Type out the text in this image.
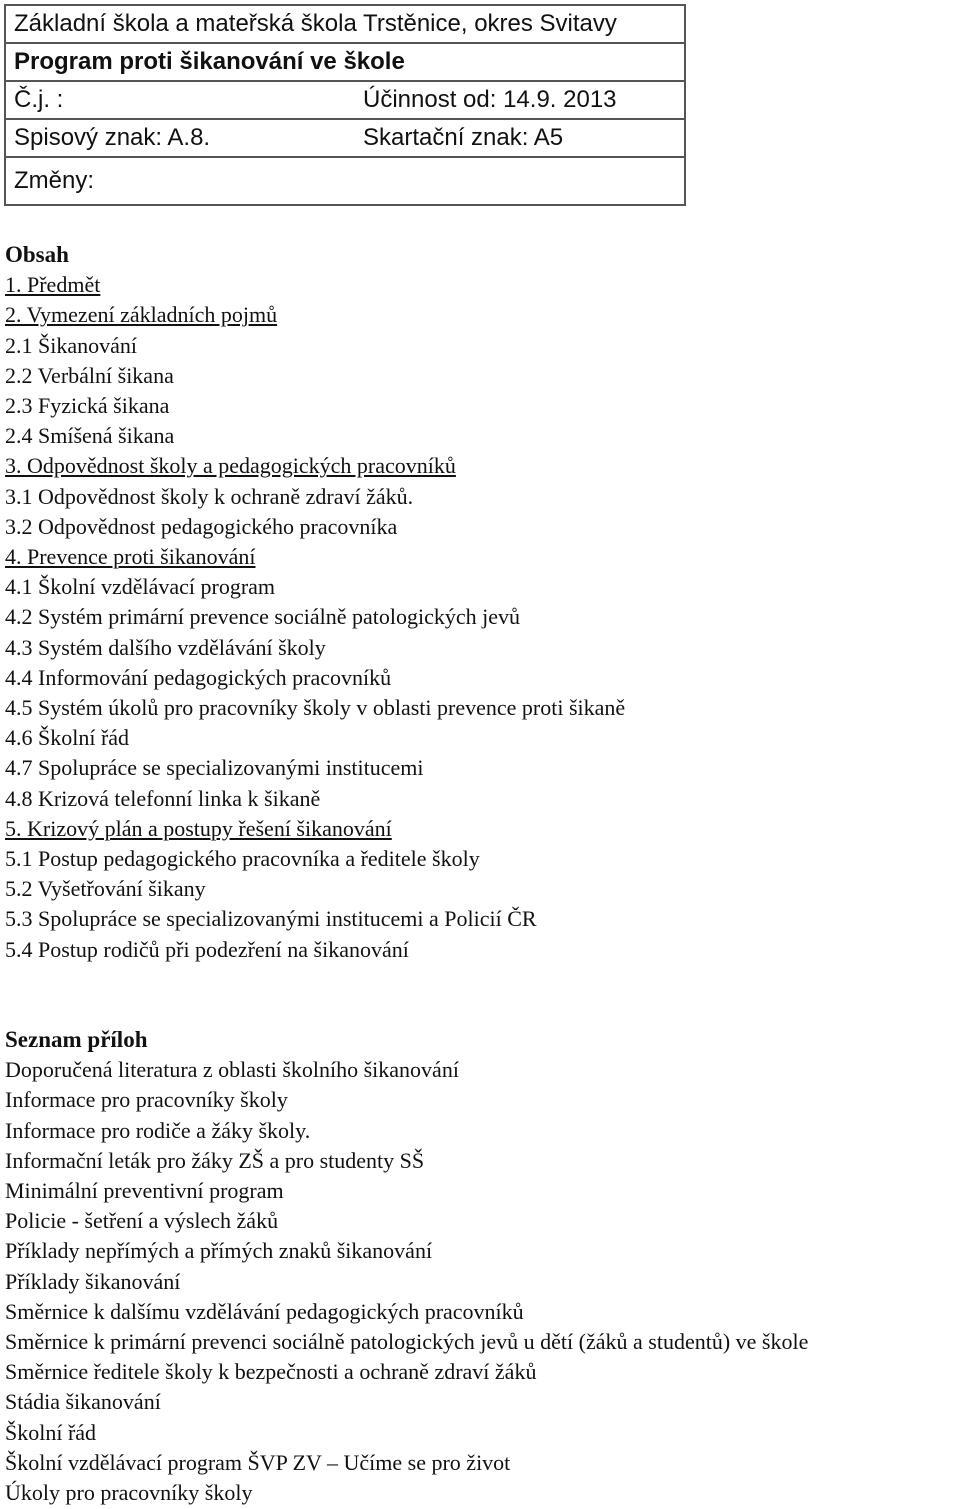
Základní škola a mateřská škola Trstěnice, okres Svitavy	
Program proti šikanování ve škole	
Č.j. :	Účinnost od: 14.9. 2013
Spisový znak: A.8.	Skartační znak: A5
Změny:	
Obsah
1. Předmět
2. Vymezení základních pojmů
2.1 Šikanování
2.2 Verbální šikana
2.3 Fyzická šikana
2.4 Smíšená šikana
3. Odpovědnost školy a pedagogických pracovníků
3.1 Odpovědnost školy k ochraně zdraví žáků.
3.2 Odpovědnost pedagogického pracovníka
4. Prevence proti šikanování
4.1 Školní vzdělávací program
4.2 Systém primární prevence sociálně patologických jevů
4.3 Systém dalšího vzdělávání školy
4.4 Informování pedagogických pracovníků
4.5 Systém úkolů pro pracovníky školy v oblasti prevence proti šikaně
4.6 Školní řád
4.7 Spolupráce se specializovanými institucemi
4.8 Krizová telefonní linka k šikaně
5. Krizový plán a postupy řešení šikanování
5.1 Postup pedagogického pracovníka a ředitele školy
5.2 Vyšetřování šikany
5.3 Spolupráce se specializovanými institucemi a Policií ČR
5.4 Postup rodičů při podezření na šikanování
Seznam příloh
Doporučená literatura z oblasti školního šikanování
Informace pro pracovníky školy
Informace pro rodiče a žáky školy.
Informační leták pro žáky ZŠ a pro studenty SŠ
Minimální preventivní program
Policie - šetření a výslech žáků
Příklady nepřímých a přímých znaků šikanování
Příklady šikanování
Směrnice k dalšímu vzdělávání pedagogických pracovníků
Směrnice k primární prevenci sociálně patologických jevů u dětí (žáků a studentů) ve škole
Směrnice ředitele školy k bezpečnosti a ochraně zdraví žáků
Stádia šikanování
Školní řád
Školní vzdělávací program ŠVP ZV – Učíme se pro život
Úkoly pro pracovníky školy
